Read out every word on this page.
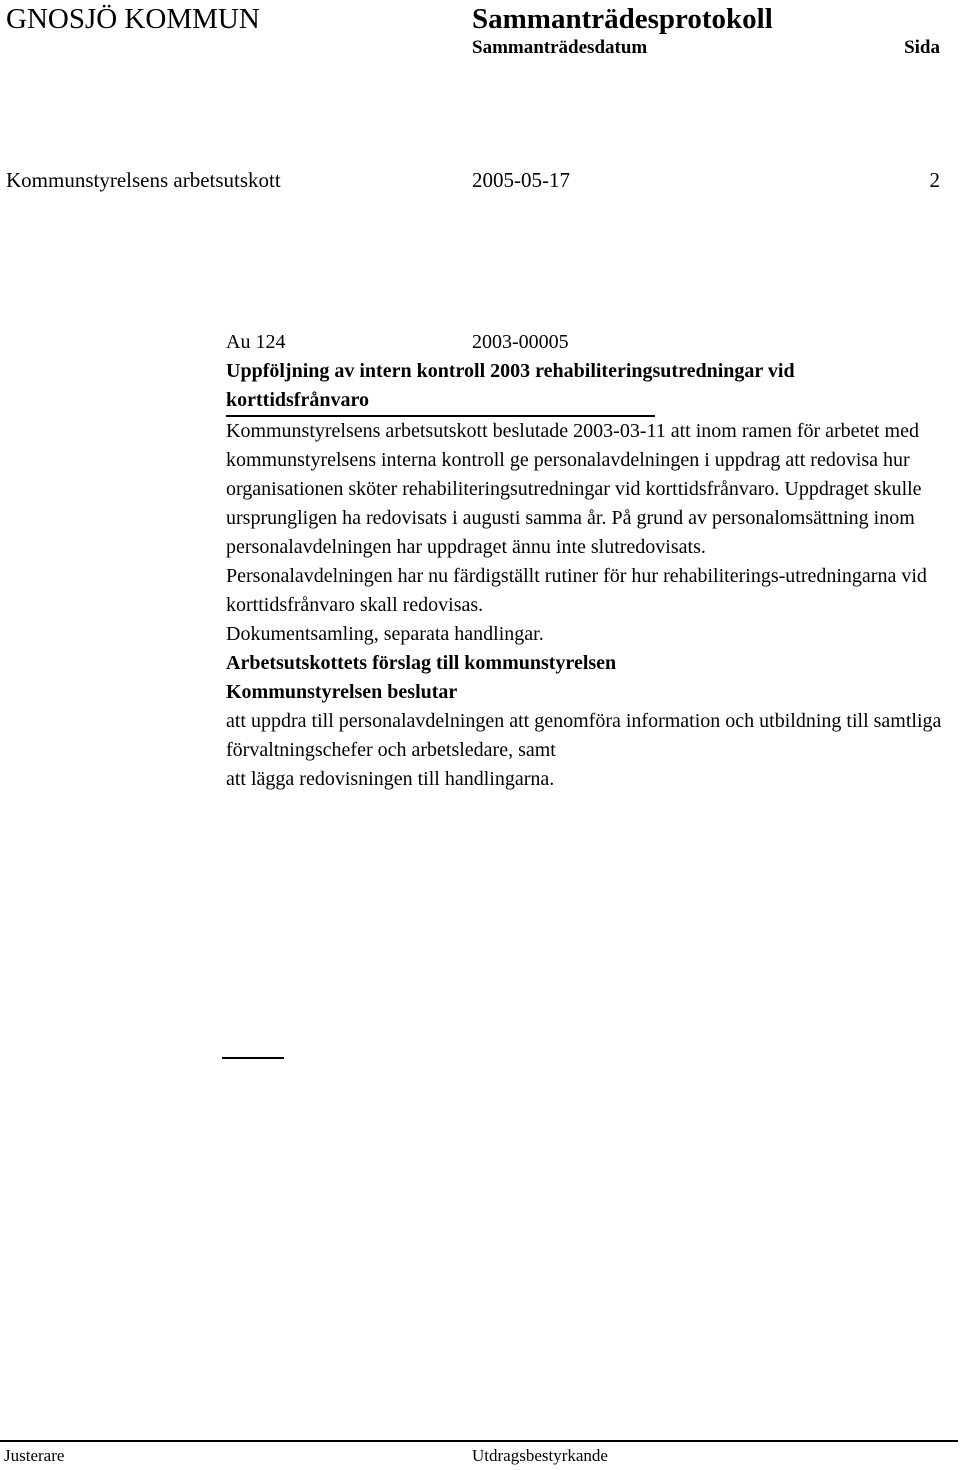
GNOSJÖ KOMMUN	Sammanträdesprotokoll
Sammanträdesdatum	Sida
Kommunstyrelsens arbetsutskott	2005-05-17	2

Au 124	2003-00005

Uppföljning av intern kontroll 2003 rehabiliteringsutredningar vid
korttidsfrånvaro

Kommunstyrelsens arbetsutskott beslutade 2003-03-11 att inom ramen för arbetet med kommunstyrelsens interna kontroll ge personalavdelningen i uppdrag att redovisa hur organisationen sköter rehabiliteringsutredningar vid korttidsfrånvaro. Uppdraget skulle ursprungligen ha redovisats i augusti samma år. På grund av personalomsättning inom personalavdelningen har uppdraget ännu inte slutredovisats.

Personalavdelningen har nu färdigställt rutiner för hur rehabiliterings-utredningarna vid korttidsfrånvaro skall redovisas.

Dokumentsamling, separata handlingar.

Arbetsutskottets förslag till kommunstyrelsen

Kommunstyrelsen beslutar

att uppdra till personalavdelningen att genomföra information och utbildning till samtliga förvaltningschefer och arbetsledare, samt

att lägga redovisningen till handlingarna.

Justerare	Utdragsbestyrkande
